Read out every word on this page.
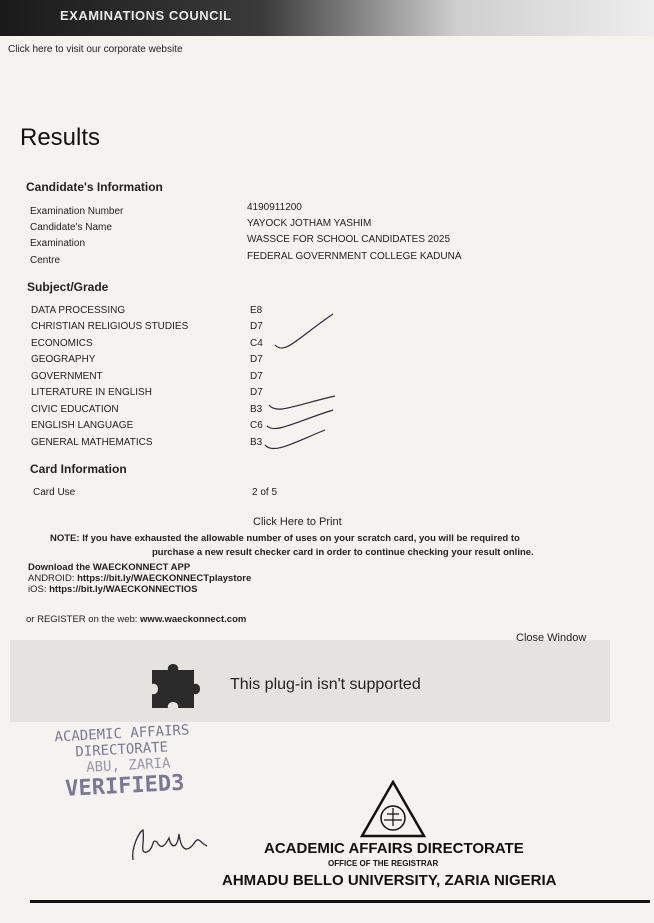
EXAMINATIONS COUNCIL
Click here to visit our corporate website
Results
Candidate's Information
Examination Number	4190911200
Candidate's Name	YAYOCK JOTHAM YASHIM
Examination	WASSCE FOR SCHOOL CANDIDATES 2025
Centre	FEDERAL GOVERNMENT COLLEGE KADUNA
Subject/Grade
DATA PROCESSING	E8
CHRISTIAN RELIGIOUS STUDIES	D7
ECONOMICS	C4
GEOGRAPHY	D7
GOVERNMENT	D7
LITERATURE IN ENGLISH	D7
CIVIC EDUCATION	B3
ENGLISH LANGUAGE	C6
GENERAL MATHEMATICS	B3
Card Information
Card Use	2 of 5
Click Here to Print
NOTE: If you have exhausted the allowable number of uses on your scratch card, you will be required to
purchase a new result checker card in order to continue checking your result online.
Download the WAECKONNECT APP
ANDROID: https://bit.ly/WAECKONNECTplaystore
iOS: https://bit.ly/WAECKONNECTIOS
or REGISTER on the web: www.waeckonnect.com
Close Window
This plug-in isn't supported
ACADEMIC AFFAIRS
DIRECTORATE
ABU, ZARIA
VERIFIED3
ACADEMIC AFFAIRS DIRECTORATE
OFFICE OF THE REGISTRAR
AHMADU BELLO UNIVERSITY, ZARIA NIGERIA
